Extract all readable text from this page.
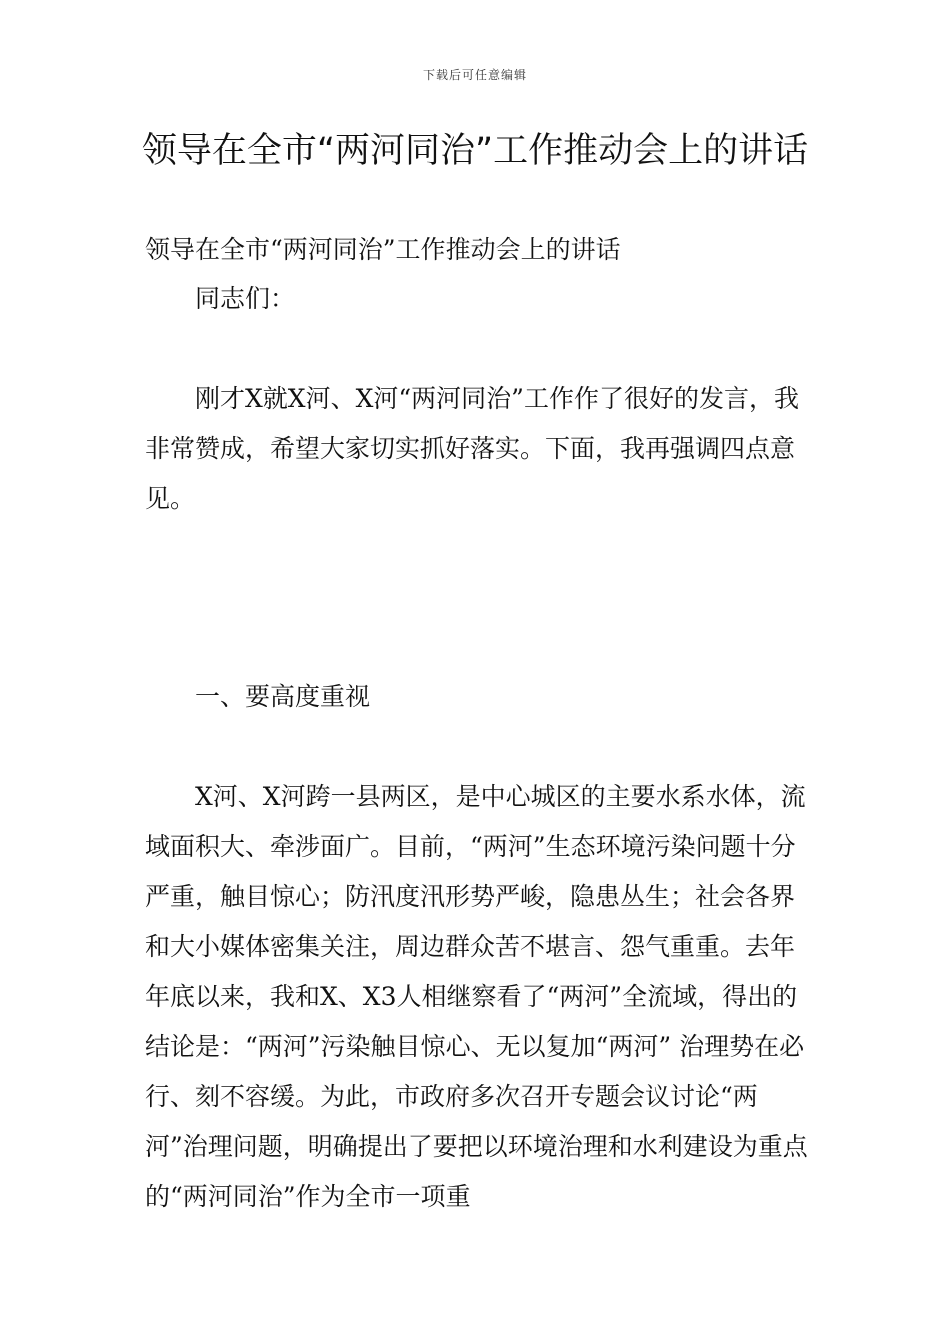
下载后可任意编辑
领导在全市“两河同治”工作推动会上的讲话

领导在全市“两河同治”工作推动会上的讲话

同志们：

刚才X就X河、X河“两河同治”工作作了很好的发言，我非常赞成，希望大家切实抓好落实。下面，我再强调四点意见。

一、要高度重视

X河、X河跨一县两区，是中心城区的主要水系水体，流域面积大、牵涉面广。目前，“两河”生态环境污染问题十分严重，触目惊心；防汛度汛形势严峻，隐患丛生；社会各界和大小媒体密集关注，周边群众苦不堪言、怨气重重。去年年底以来，我和X、X3人相继察看了“两河”全流域，得出的结论是：“两河”污染触目惊心、无以复加“两河” 治理势在必行、刻不容缓。为此，市政府多次召开专题会议讨论“两河”治理问题，明确提出了要把以环境治理和水利建设为重点的“两河同治”作为全市一项重
